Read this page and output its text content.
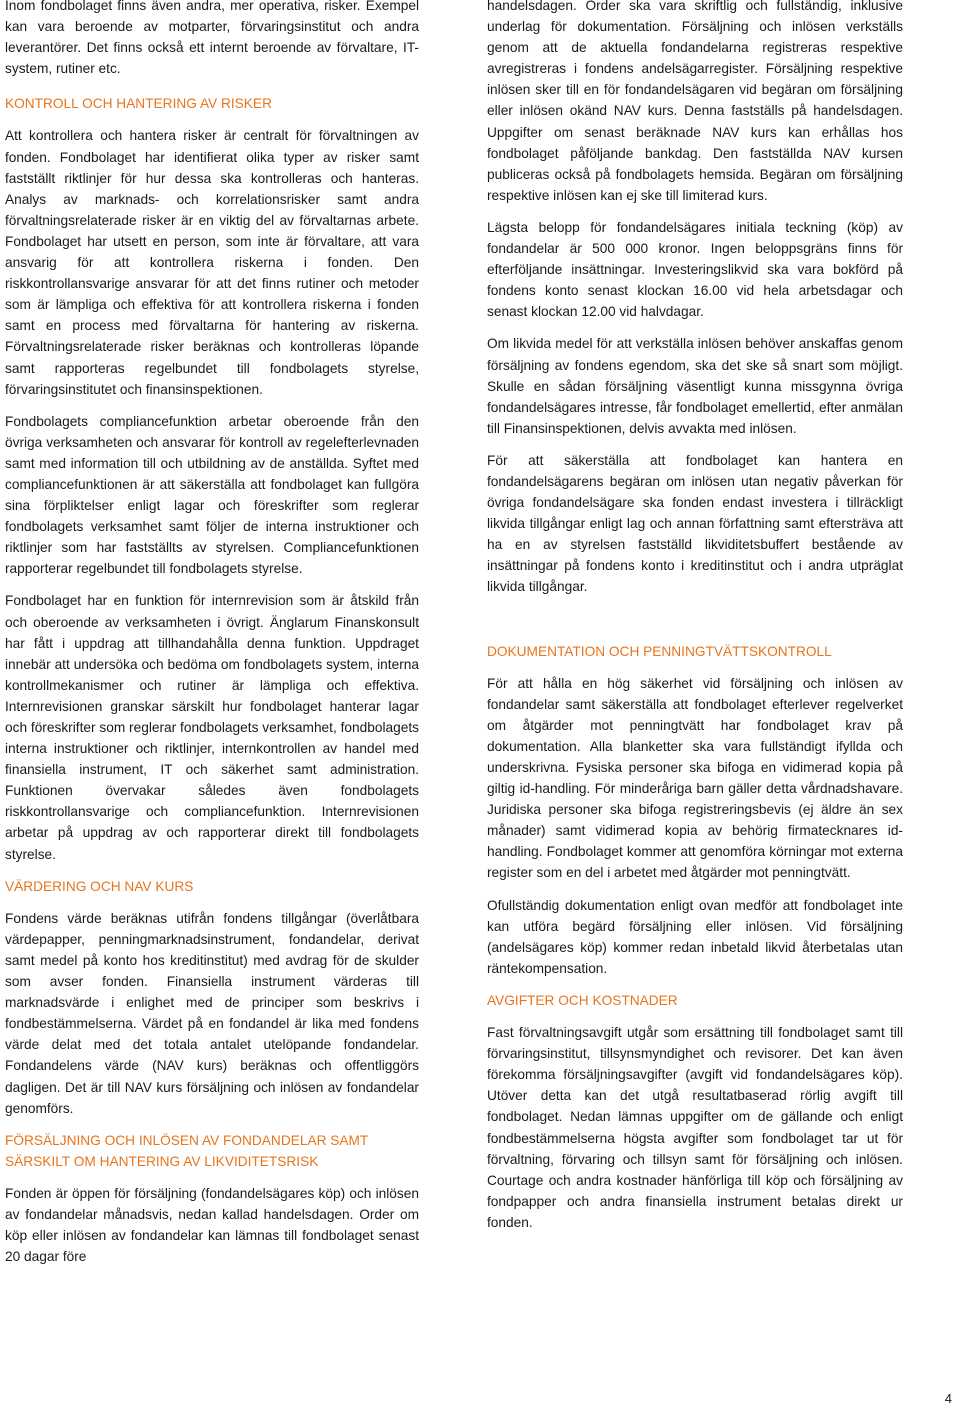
Inom fondbolaget finns även andra, mer operativa, risker. Exempel kan vara beroende av motparter, förvaringsinstitut och andra leverantörer. Det finns också ett internt beroende av förvaltare, IT-system, rutiner etc.

KONTROLL OCH HANTERING AV RISKER

Att kontrollera och hantera risker är centralt för förvaltningen av fonden. Fondbolaget har identifierat olika typer av risker samt fastställt riktlinjer för hur dessa ska kontrolleras och hanteras. Analys av marknads- och korrelationsrisker samt andra förvaltningsrelaterade risker är en viktig del av förvaltarnas arbete. Fondbolaget har utsett en person, som inte är förvaltare, att vara ansvarig för att kontrollera riskerna i fonden. Den riskkontrollansvarige ansvarar för att det finns rutiner och metoder som är lämpliga och effektiva för att kontrollera riskerna i fonden samt en process med förvaltarna för hantering av riskerna. Förvaltningsrelaterade risker beräknas och kontrolleras löpande samt rapporteras regelbundet till fondbolagets styrelse, förvaringsinstitutet och finansinspektionen.

Fondbolagets compliancefunktion arbetar oberoende från den övriga verksamheten och ansvarar för kontroll av regelefterlevnaden samt med information till och utbildning av de anställda. Syftet med compliancefunktionen är att säkerställa att fondbolaget kan fullgöra sina förpliktelser enligt lagar och föreskrifter som reglerar fondbolagets verksamhet samt följer de interna instruktioner och riktlinjer som har fastställts av styrelsen. Compliancefunktionen rapporterar regelbundet till fondbolagets styrelse.

Fondbolaget har en funktion för internrevision som är åtskild från och oberoende av verksamheten i övrigt. Änglarum Finanskonsult har fått i uppdrag att tillhandahålla denna funktion. Uppdraget innebär att undersöka och bedöma om fondbolagets system, interna kontrollmekanismer och rutiner är lämpliga och effektiva. Internrevisionen granskar särskilt hur fondbolaget hanterar lagar och föreskrifter som reglerar fondbolagets verksamhet, fondbolagets interna instruktioner och riktlinjer, internkontrollen av handel med finansiella instrument, IT och säkerhet samt administration. Funktionen övervakar således även fondbolagets riskkontrollansvarige och compliancefunktion. Internrevisionen arbetar på uppdrag av och rapporterar direkt till fondbolagets styrelse.

VÄRDERING OCH NAV KURS

Fondens värde beräknas utifrån fondens tillgångar (överlåtbara värdepapper, penningmarknadsinstrument, fondandelar, derivat samt medel på konto hos kreditinstitut) med avdrag för de skulder som avser fonden. Finansiella instrument värderas till marknadsvärde i enlighet med de principer som beskrivs i fondbestämmelserna. Värdet på en fondandel är lika med fondens värde delat med det totala antalet utelöpande fondandelar. Fondandelens värde (NAV kurs) beräknas och offentliggörs dagligen. Det är till NAV kurs försäljning och inlösen av fondandelar genomförs.

FÖRSÄLJNING OCH INLÖSEN AV FONDANDELAR SAMT SÄRSKILT OM HANTERING AV LIKVIDITETSRISK

Fonden är öppen för försäljning (fondandelsägares köp) och inlösen av fondandelar månadsvis, nedan kallad handelsdagen. Order om köp eller inlösen av fondandelar kan lämnas till fondbolaget senast 20 dagar före

handelsdagen. Order ska vara skriftlig och fullständig, inklusive underlag för dokumentation. Försäljning och inlösen verkställs genom att de aktuella fondandelarna registreras respektive avregistreras i fondens andelsägarregister. Försäljning respektive inlösen sker till en för fondandelsägaren vid begäran om försäljning eller inlösen okänd NAV kurs. Denna fastställs på handelsdagen. Uppgifter om senast beräknade NAV kurs kan erhållas hos fondbolaget påföljande bankdag. Den fastställda NAV kursen publiceras också på fondbolagets hemsida. Begäran om försäljning respektive inlösen kan ej ske till limiterad kurs.

Lägsta belopp för fondandelsägares initiala teckning (köp) av fondandelar är 500 000 kronor. Ingen beloppsgräns finns för efterföljande insättningar. Investeringslikvid ska vara bokförd på fondens konto senast klockan 16.00 vid hela arbetsdagar och senast klockan 12.00 vid halvdagar.

Om likvida medel för att verkställa inlösen behöver anskaffas genom försäljning av fondens egendom, ska det ske så snart som möjligt. Skulle en sådan försäljning väsentligt kunna missgynna övriga fondandelsägares intresse, får fondbolaget emellertid, efter anmälan till Finansinspektionen, delvis avvakta med inlösen.

För att säkerställa att fondbolaget kan hantera en fondandelsägarens begäran om inlösen utan negativ påverkan för övriga fondandelsägare ska fonden endast investera i tillräckligt likvida tillgångar enligt lag och annan författning samt eftersträva att ha en av styrelsen fastställd likviditetsbuffert bestående av insättningar på fondens konto i kreditinstitut och i andra utpräglat likvida tillgångar.

DOKUMENTATION OCH PENNINGTVÄTTSKONTROLL

För att hålla en hög säkerhet vid försäljning och inlösen av fondandelar samt säkerställa att fondbolaget efterlever regelverket om åtgärder mot penningtvätt har fondbolaget krav på dokumentation. Alla blanketter ska vara fullständigt ifyllda och underskrivna. Fysiska personer ska bifoga en vidimerad kopia på giltig id-handling. För minderåriga barn gäller detta vårdnadshavare. Juridiska personer ska bifoga registreringsbevis (ej äldre än sex månader) samt vidimerad kopia av behörig firmatecknares id-handling. Fondbolaget kommer att genomföra körningar mot externa register som en del i arbetet med åtgärder mot penningtvätt.

Ofullständig dokumentation enligt ovan medför att fondbolaget inte kan utföra begärd försäljning eller inlösen. Vid försäljning (andelsägares köp) kommer redan inbetald likvid återbetalas utan räntekompensation.

AVGIFTER OCH KOSTNADER

Fast förvaltningsavgift utgår som ersättning till fondbolaget samt till förvaringsinstitut, tillsynsmyndighet och revisorer. Det kan även förekomma försäljningsavgifter (avgift vid fondandelsägares köp). Utöver detta kan det utgå resultatbaserad rörlig avgift till fondbolaget. Nedan lämnas uppgifter om de gällande och enligt fondbestämmelserna högsta avgifter som fondbolaget tar ut för förvaltning, förvaring och tillsyn samt för försäljning och inlösen. Courtage och andra kostnader hänförliga till köp och försäljning av fondpapper och andra finansiella instrument betalas direkt ur fonden.

4
